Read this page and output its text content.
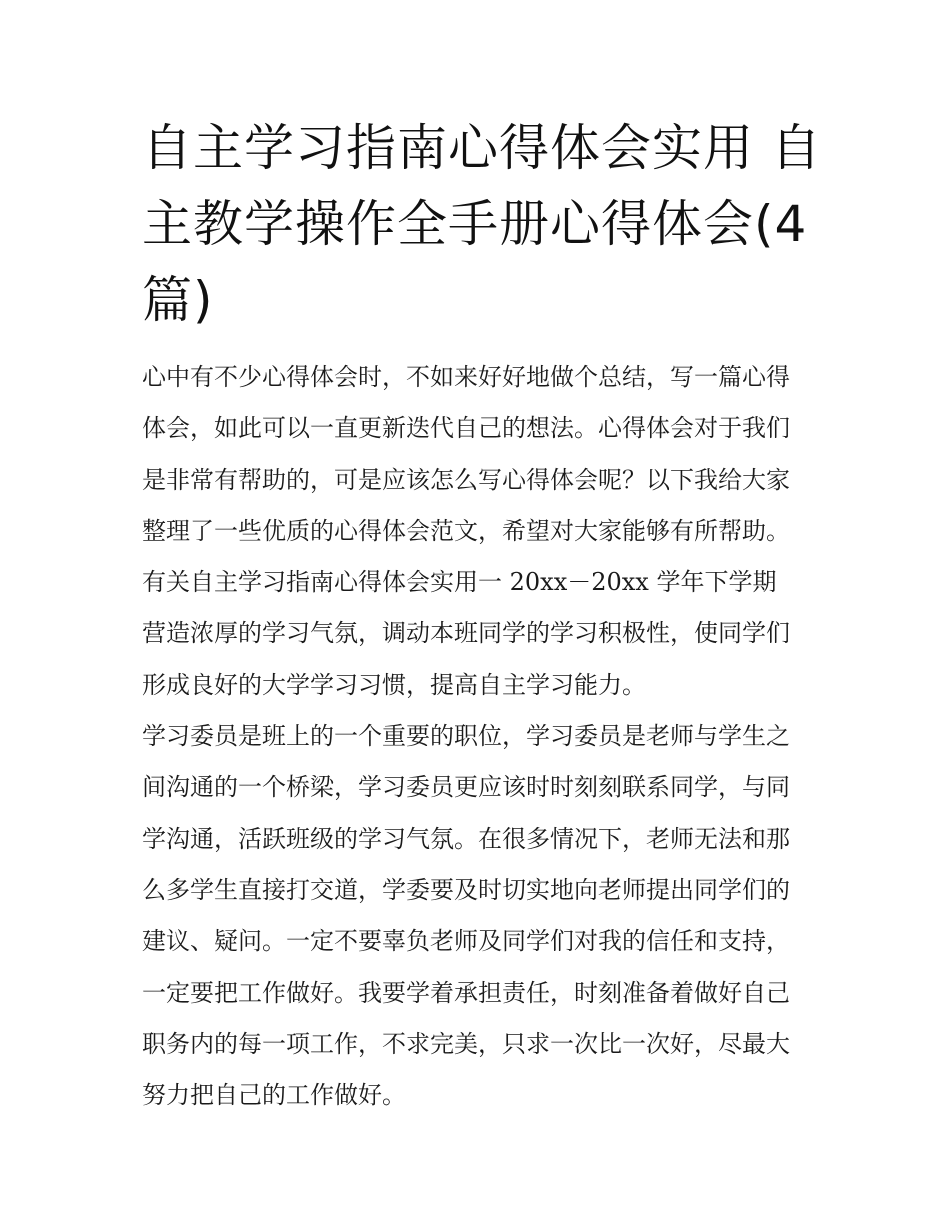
自主学习指南心得体会实用 自主教学操作全手册心得体会(4篇)
心中有不少心得体会时，不如来好好地做个总结，写一篇心得
体会，如此可以一直更新迭代自己的想法。心得体会对于我们
是非常有帮助的，可是应该怎么写心得体会呢？以下我给大家
整理了一些优质的心得体会范文，希望对大家能够有所帮助。
有关自主学习指南心得体会实用一 20xx－20xx 学年下学期
营造浓厚的学习气氛，调动本班同学的学习积极性，使同学们
形成良好的大学学习习惯，提高自主学习能力。
学习委员是班上的一个重要的职位，学习委员是老师与学生之
间沟通的一个桥梁，学习委员更应该时时刻刻联系同学，与同
学沟通，活跃班级的学习气氛。在很多情况下，老师无法和那
么多学生直接打交道，学委要及时切实地向老师提出同学们的
建议、疑问。一定不要辜负老师及同学们对我的信任和支持，
一定要把工作做好。我要学着承担责任，时刻准备着做好自己
职务内的每一项工作，不求完美，只求一次比一次好，尽最大
努力把自己的工作做好。
